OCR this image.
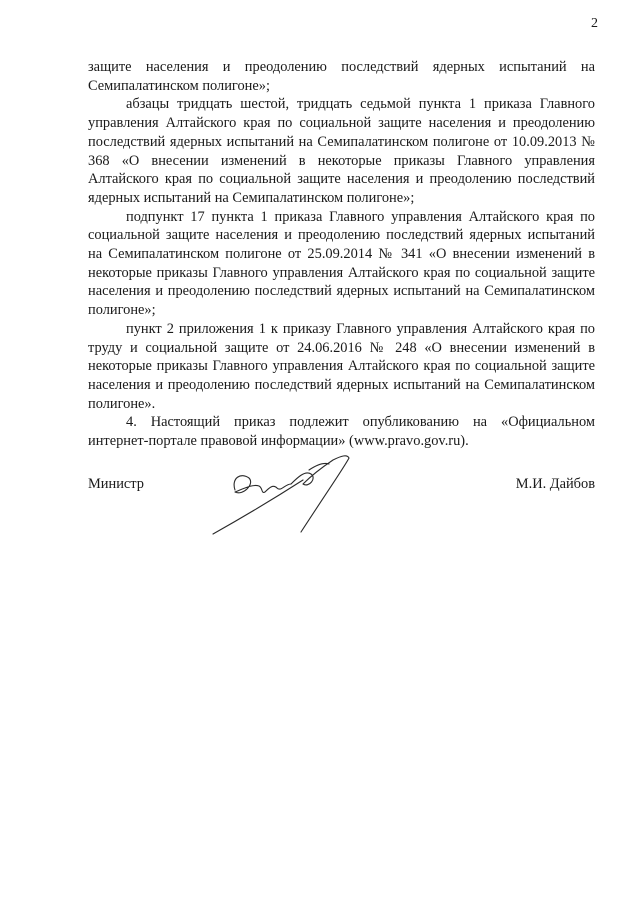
2

защите населения и преодолению последствий ядерных испытаний на Семипалатинском полигоне»;

абзацы тридцать шестой, тридцать седьмой пункта 1 приказа Главного управления Алтайского края по социальной защите населения и преодолению последствий ядерных испытаний на Семипалатинском полигоне от 10.09.2013 № 368 «О внесении изменений в некоторые приказы Главного управления Алтайского края по социальной защите населения и преодолению последствий ядерных испытаний на Семипалатинском полигоне»;

подпункт 17 пункта 1 приказа Главного управления Алтайского края по социальной защите населения и преодолению последствий ядерных испытаний на Семипалатинском полигоне от 25.09.2014 № 341 «О внесении изменений в некоторые приказы Главного управления Алтайского края по социальной защите населения и преодолению последствий ядерных испытаний на Семипалатинском полигоне»;

пункт 2 приложения 1 к приказу Главного управления Алтайского края по труду и социальной защите от 24.06.2016 № 248 «О внесении изменений в некоторые приказы Главного управления Алтайского края по социальной защите населения и преодолению последствий ядерных испытаний на Семипалатинском полигоне».

4. Настоящий приказ подлежит опубликованию на «Официальном интернет-портале правовой информации» (www.pravo.gov.ru).

Министр	М.И. Дайбов
